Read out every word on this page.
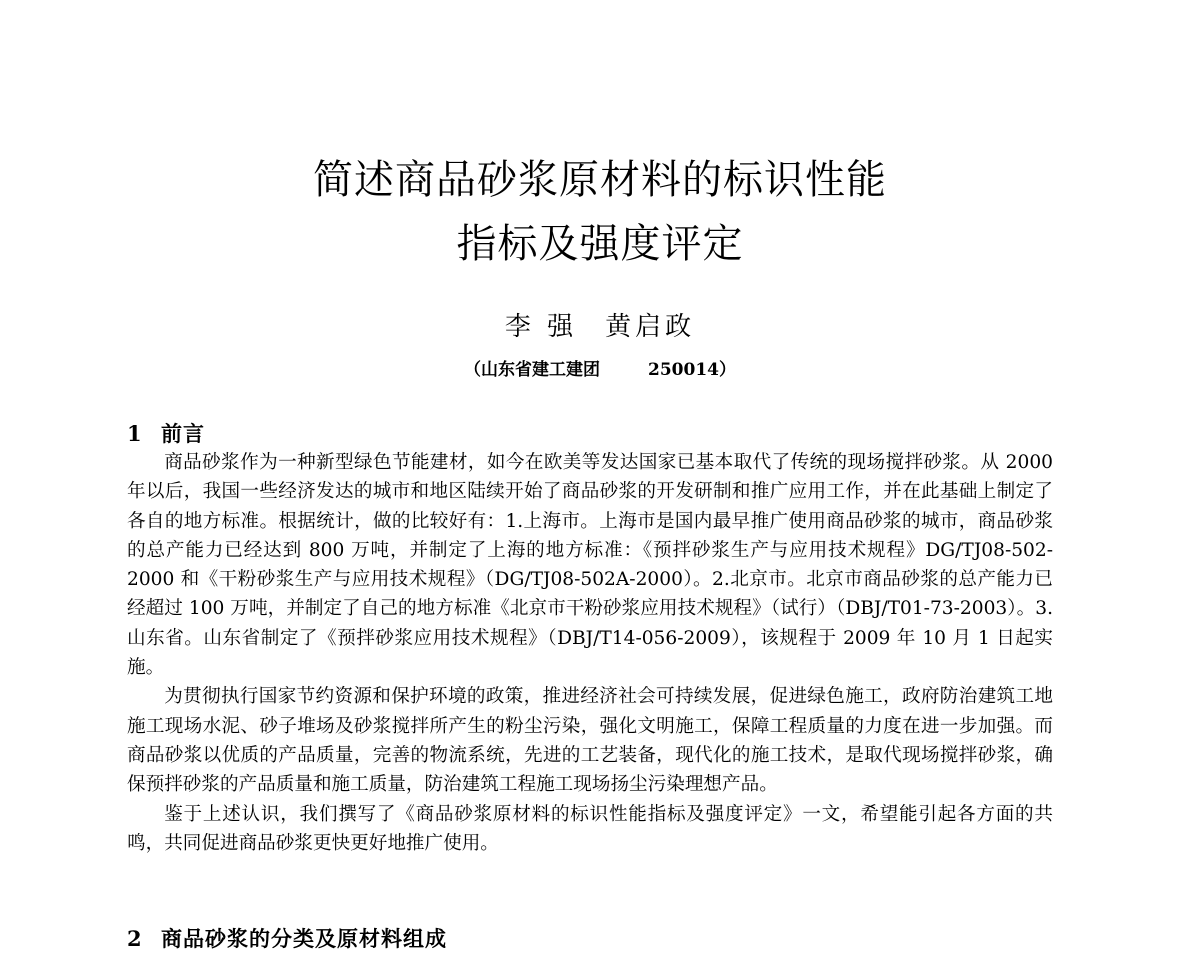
简述商品砂浆原材料的标识性能
指标及强度评定
李 强 黄启政
（山东省建工建团	250014）
1 前言

商品砂浆作为一种新型绿色节能建材，如今在欧美等发达国家已基本取代了传统的现场搅拌砂浆。从 2000 年以后，我国一些经济发达的城市和地区陆续开始了商品砂浆的开发研制和推广应用工作，并在此基础上制定了各自的地方标准。根据统计，做的比较好有：1.上海市。上海市是国内最早推广使用商品砂浆的城市，商品砂浆的总产能力已经达到 800 万吨，并制定了上海的地方标准：《预拌砂浆生产与应用技术规程》DG/TJ08-502-2000 和《干粉砂浆生产与应用技术规程》（DG/TJ08-502A-2000）。2.北京市。北京市商品砂浆的总产能力已经超过 100 万吨，并制定了自己的地方标准《北京市干粉砂浆应用技术规程》（试行）（DBJ/T01-73-2003）。3.山东省。山东省制定了《预拌砂浆应用技术规程》（DBJ/T14-056-2009），该规程于 2009 年 10 月 1 日起实施。

为贯彻执行国家节约资源和保护环境的政策，推进经济社会可持续发展，促进绿色施工，政府防治建筑工地施工现场水泥、砂子堆场及砂浆搅拌所产生的粉尘污染，强化文明施工，保障工程质量的力度在进一步加强。而商品砂浆以优质的产品质量，完善的物流系统，先进的工艺装备，现代化的施工技术，是取代现场搅拌砂浆，确保预拌砂浆的产品质量和施工质量，防治建筑工程施工现场扬尘污染理想产品。

鉴于上述认识，我们撰写了《商品砂浆原材料的标识性能指标及强度评定》一文，希望能引起各方面的共鸣，共同促进商品砂浆更快更好地推广使用。

2 商品砂浆的分类及原材料组成
